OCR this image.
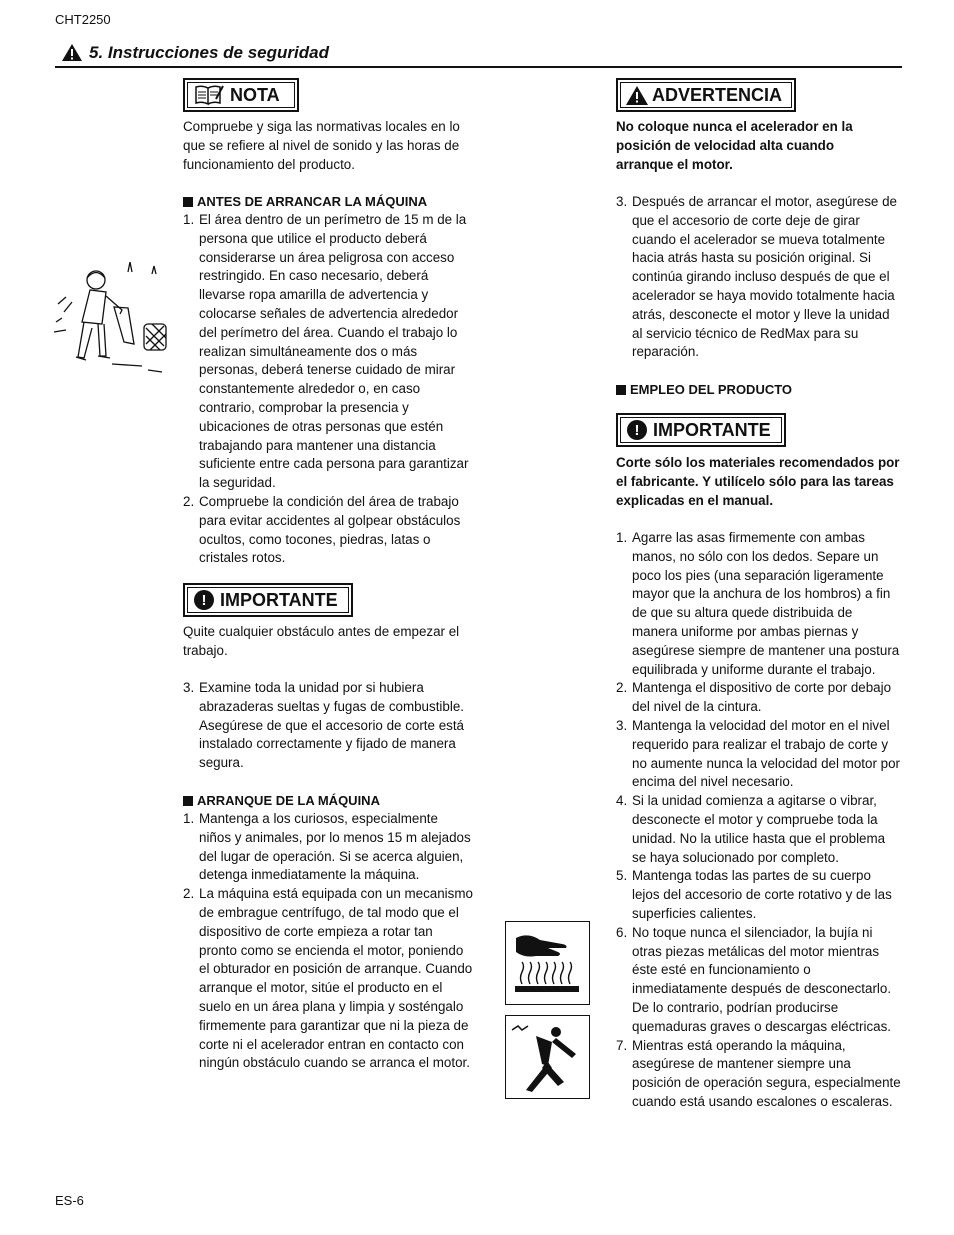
CHT2250
5. Instrucciones de seguridad
NOTA
Compruebe y siga las normativas locales en lo que se refiere al nivel de sonido y las horas de funcionamiento del producto.
ANTES DE ARRANCAR LA MÁQUINA
1. El área dentro de un perímetro de 15 m de la persona que utilice el producto deberá considerarse un área peligrosa con acceso restringido. En caso necesario, deberá llevarse ropa amarilla de advertencia y colocarse señales de advertencia alrededor del perímetro del área. Cuando el trabajo lo realizan simultáneamente dos o más personas, deberá tenerse cuidado de mirar constantemente alrededor o, en caso contrario, comprobar la presencia y ubicaciones de otras personas que estén trabajando para mantener una distancia suficiente entre cada persona para garantizar la seguridad.
2. Compruebe la condición del área de trabajo para evitar accidentes al golpear obstáculos ocultos, como tocones, piedras, latas o cristales rotos.
! IMPORTANTE
Quite cualquier obstáculo antes de empezar el trabajo.
3. Examine toda la unidad por si hubiera abrazaderas sueltas y fugas de combustible. Asegúrese de que el accesorio de corte está instalado correctamente y fijado de manera segura.
ARRANQUE DE LA MÁQUINA
1. Mantenga a los curiosos, especialmente niños y animales, por lo menos 15 m alejados del lugar de operación. Si se acerca alguien, detenga inmediatamente la máquina.
2. La máquina está equipada con un mecanismo de embrague centrífugo, de tal modo que el dispositivo de corte empieza a rotar tan pronto como se encienda el motor, poniendo el obturador en posición de arranque. Cuando arranque el motor, sitúe el producto en el suelo en un área plana y limpia y sosténgalo firmemente para garantizar que ni la pieza de corte ni el acelerador entran en contacto con ningún obstáculo cuando se arranca el motor.
ADVERTENCIA
No coloque nunca el acelerador en la posición de velocidad alta cuando arranque el motor.
3. Después de arrancar el motor, asegúrese de que el accesorio de corte deje de girar cuando el acelerador se mueva totalmente hacia atrás hasta su posición original. Si continúa girando incluso después de que el acelerador se haya movido totalmente hacia atrás, desconecte el motor y lleve la unidad al servicio técnico de RedMax para su reparación.
EMPLEO DEL PRODUCTO
! IMPORTANTE
Corte sólo los materiales recomendados por el fabricante. Y utilícelo sólo para las tareas explicadas en el manual.
1. Agarre las asas firmemente con ambas manos, no sólo con los dedos. Separe un poco los pies (una separación ligeramente mayor que la anchura de los hombros) a fin de que su altura quede distribuida de manera uniforme por ambas piernas y asegúrese siempre de mantener una postura equilibrada y uniforme durante el trabajo.
2. Mantenga el dispositivo de corte por debajo del nivel de la cintura.
3. Mantenga la velocidad del motor en el nivel requerido para realizar el trabajo de corte y no aumente nunca la velocidad del motor por encima del nivel necesario.
4. Si la unidad comienza a agitarse o vibrar, desconecte el motor y compruebe toda la unidad. No la utilice hasta que el problema se haya solucionado por completo.
5. Mantenga todas las partes de su cuerpo lejos del accesorio de corte rotativo y de las superficies calientes.
6. No toque nunca el silenciador, la bujía ni otras piezas metálicas del motor mientras éste esté en funcionamiento o inmediatamente después de desconectarlo. De lo contrario, podrían producirse quemaduras graves o descargas eléctricas.
7. Mientras está operando la máquina, asegúrese de mantener siempre una posición de operación segura, especialmente cuando está usando escalones o escaleras.
ES-6
